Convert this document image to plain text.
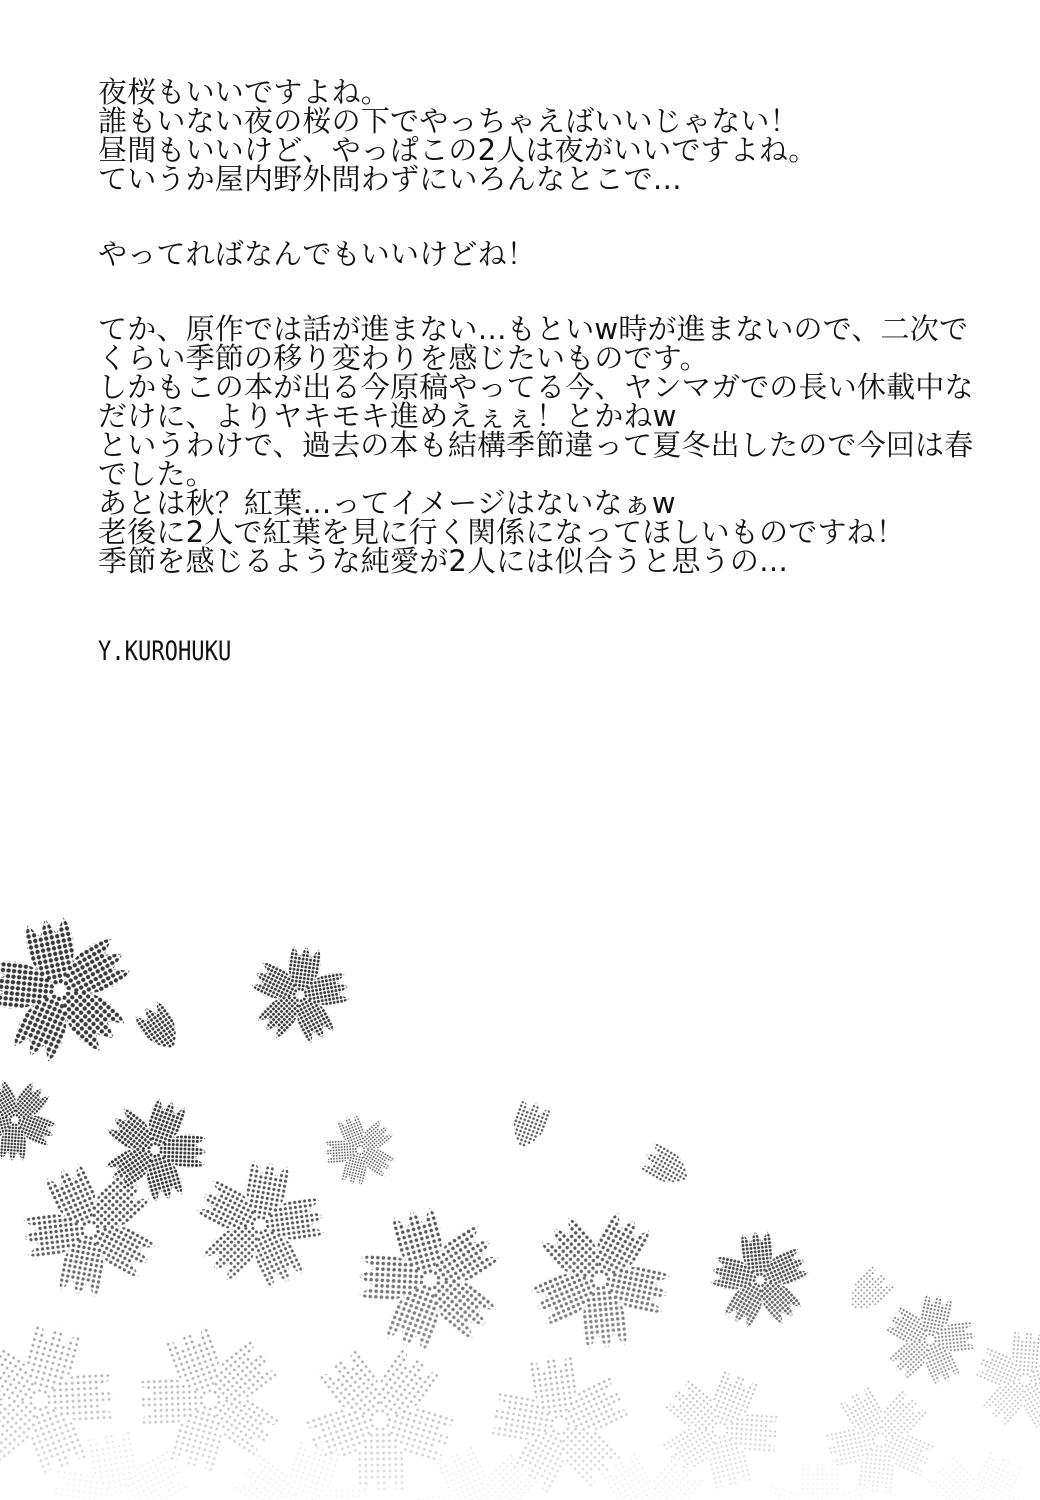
夜桜もいいですよね。
誰もいない夜の桜の下でやっちゃえばいいじゃない！
昼間もいいけど、やっぱこの2人は夜がいいですよね。
ていうか屋内野外問わずにいろんなとこで…
やってればなんでもいいけどね！
てか、原作では話が進まない…もといw時が進まないので、二次で
くらい季節の移り変わりを感じたいものです。
しかもこの本が出る今原稿やってる今、ヤンマガでの長い休載中な
だけに、よりヤキモキ進めえぇぇ！とかねw
というわけで、過去の本も結構季節違って夏冬出したので今回は春
でした。
あとは秋？紅葉…ってイメージはないなぁw
老後に2人で紅葉を見に行く関係になってほしいものですね！
季節を感じるような純愛が2人には似合うと思うの…
Y.KUROHUKU
